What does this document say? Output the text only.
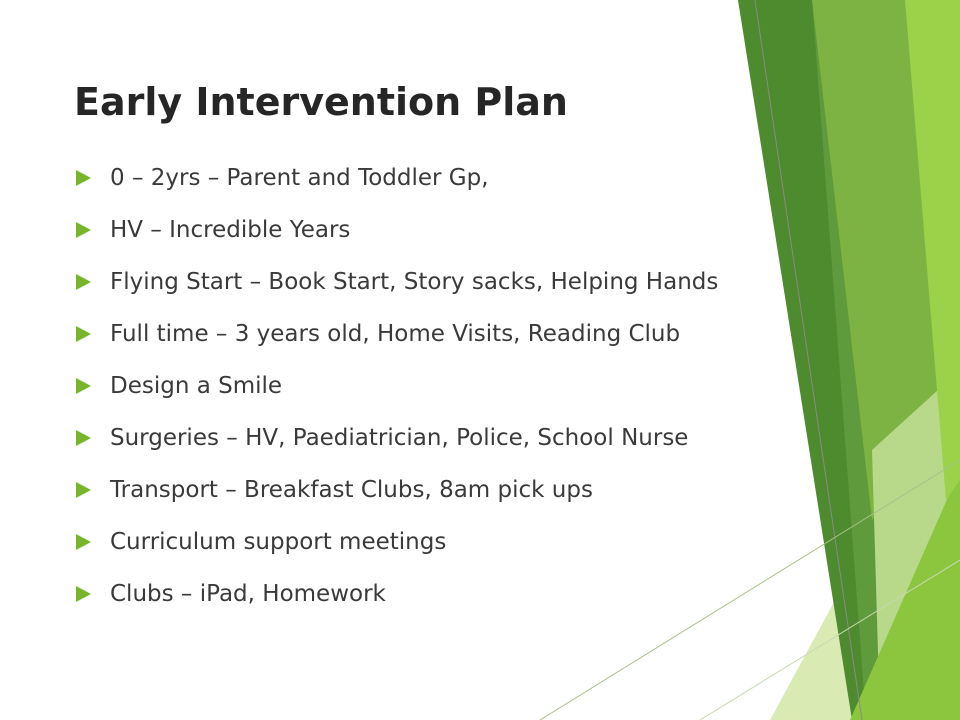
Early Intervention Plan
0 – 2yrs – Parent and Toddler Gp,
HV – Incredible Years
Flying Start – Book Start, Story sacks, Helping Hands
Full time – 3 years old, Home Visits, Reading Club
Design a Smile
Surgeries – HV, Paediatrician, Police, School Nurse
Transport – Breakfast Clubs, 8am pick ups
Curriculum support meetings
Clubs – iPad, Homework
